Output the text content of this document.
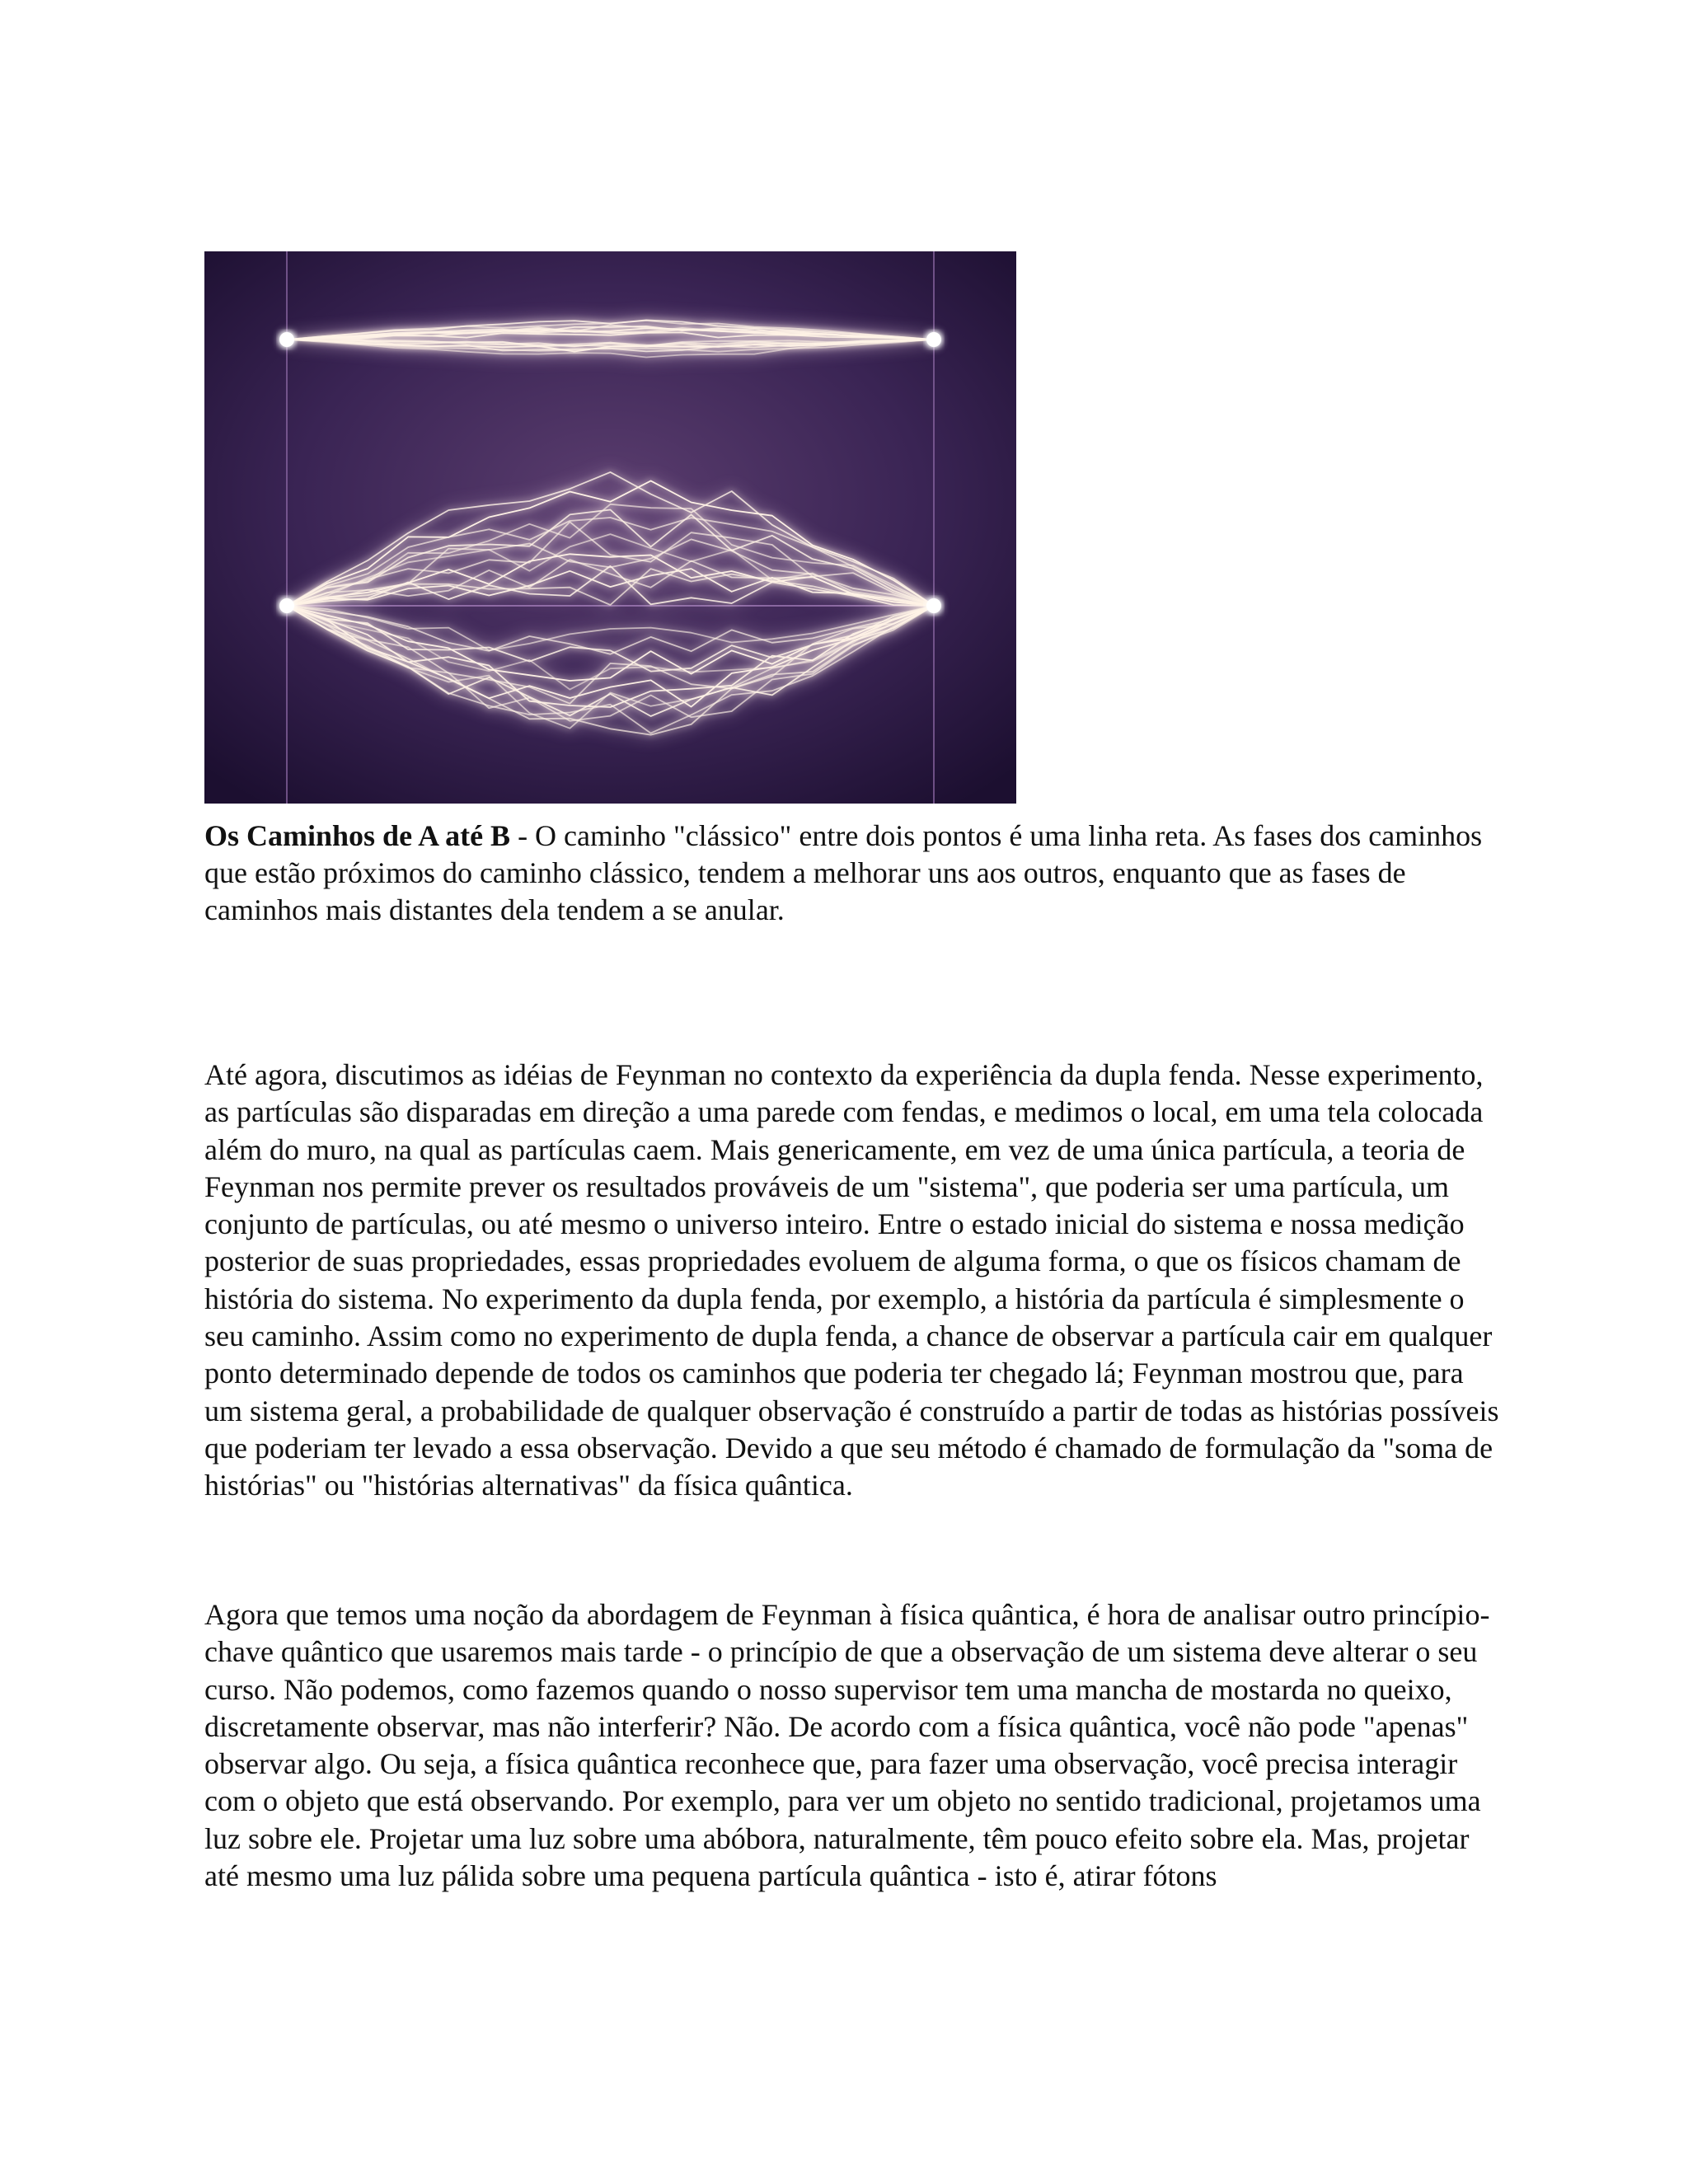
Os Caminhos de A até B - O caminho "clássico" entre dois pontos é uma linha reta. As fases dos caminhos que estão próximos do caminho clássico, tendem a melhorar uns aos outros, enquanto que as fases de caminhos mais distantes dela tendem a se anular.

Até agora, discutimos as idéias de Feynman no contexto da experiência da dupla fenda. Nesse experimento, as partículas são disparadas em direção a uma parede com fendas, e medimos o local, em uma tela colocada além do muro, na qual as partículas caem. Mais genericamente, em vez de uma única partícula, a teoria de Feynman nos permite prever os resultados prováveis de um "sistema", que poderia ser uma partícula, um conjunto de partículas, ou até mesmo o universo inteiro. Entre o estado inicial do sistema e nossa medição posterior de suas propriedades, essas propriedades evoluem de alguma forma, o que os físicos chamam de história do sistema. No experimento da dupla fenda, por exemplo, a história da partícula é simplesmente o seu caminho. Assim como no experimento de dupla fenda, a chance de observar a partícula cair em qualquer ponto determinado depende de todos os caminhos que poderia ter chegado lá; Feynman mostrou que, para um sistema geral, a probabilidade de qualquer observação é construído a partir de todas as histórias possíveis que poderiam ter levado a essa observação. Devido a que seu método é chamado de formulação da "soma de histórias" ou "histórias alternativas" da física quântica.

Agora que temos uma noção da abordagem de Feynman à física quântica, é hora de analisar outro princípio-chave quântico que usaremos mais tarde - o princípio de que a observação de um sistema deve alterar o seu curso. Não podemos, como fazemos quando o nosso supervisor tem uma mancha de mostarda no queixo, discretamente observar, mas não interferir? Não. De acordo com a física quântica, você não pode "apenas" observar algo. Ou seja, a física quântica reconhece que, para fazer uma observação, você precisa interagir com o objeto que está observando. Por exemplo, para ver um objeto no sentido tradicional, projetamos uma luz sobre ele. Projetar uma luz sobre uma abóbora, naturalmente, têm pouco efeito sobre ela. Mas, projetar até mesmo uma luz pálida sobre uma pequena partícula quântica - isto é, atirar fótons
